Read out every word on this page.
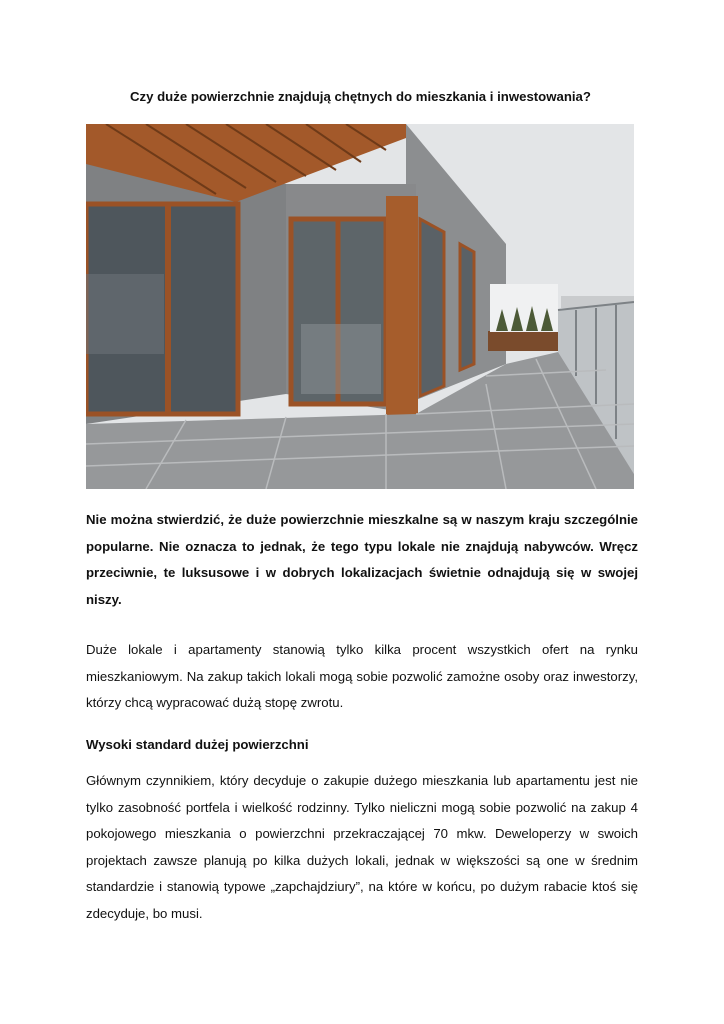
Czy duże powierzchnie znajdują chętnych do mieszkania i inwestowania?

Nie można stwierdzić, że duże powierzchnie mieszkalne są w naszym kraju szczególnie popularne. Nie oznacza to jednak, że tego typu lokale nie znajdują nabywców. Wręcz przeciwnie, te luksusowe i w dobrych lokalizacjach świetnie odnajdują się w swojej niszy.

Duże lokale i apartamenty stanowią tylko kilka procent wszystkich ofert na rynku mieszkaniowym. Na zakup takich lokali mogą sobie pozwolić zamożne osoby oraz inwestorzy, którzy chcą wypracować dużą stopę zwrotu.

Wysoki standard dużej powierzchni

Głównym czynnikiem, który decyduje o zakupie dużego mieszkania lub apartamentu jest nie tylko zasobność portfela i wielkość rodzinny. Tylko nieliczni mogą sobie pozwolić na zakup 4 pokojowego mieszkania o powierzchni przekraczającej 70 mkw. Deweloperzy w swoich projektach zawsze planują po kilka dużych lokali, jednak w większości są one w średnim standardzie i stanowią typowe „zapchajdziury”, na które w końcu, po dużym rabacie ktoś się zdecyduje, bo musi.
